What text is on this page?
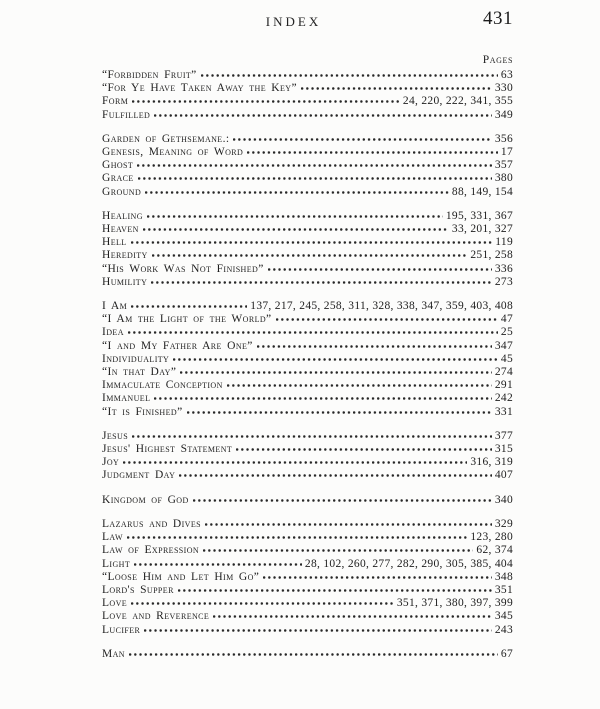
INDEX	431
Pages
“Forbidden Fruit”	63
“For Ye Have Taken Away the Key”	330
Form	24, 220, 222, 341, 355
Fulfilled	349
Garden of Gethsemane.:	356
Genesis, Meaning of Word	17
Ghost	357
Grace	380
Ground	88, 149, 154
Healing	195, 331, 367
Heaven	33, 201, 327
Hell	119
Heredity	251, 258
“His Work Was Not Finished”	336
Humility	273
I Am	137, 217, 245, 258, 311, 328, 338, 347, 359, 403, 408
“I Am the Light of the World”	47
Idea	25
“I and My Father Are One”	347
Individuality	45
“In that Day”	274
Immaculate Conception	291
Immanuel	242
“It is Finished”	331
Jesus	377
Jesus' Highest Statement	315
Joy	316, 319
Judgment Day	407
Kingdom of God	340
Lazarus and Dives	329
Law	123, 280
Law of Expression	62, 374
Light	28, 102, 260, 277, 282, 290, 305, 385, 404
“Loose Him and Let Him Go”	348
Lord's Supper	351
Love	351, 371, 380, 397, 399
Love and Reverence	345
Lucifer	243
Man	67
